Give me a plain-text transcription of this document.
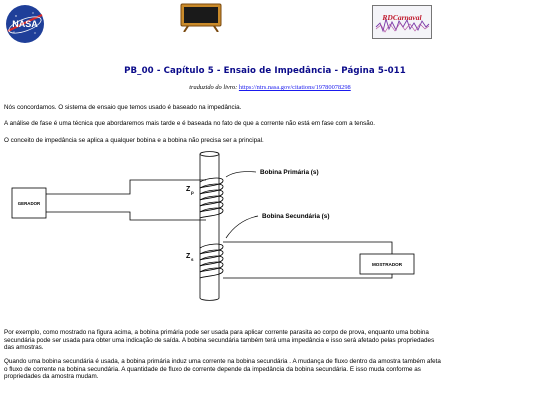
NASA
RDCarnaval
PB_00 - Capítulo 5 - Ensaio de Impedância - Página 5-011
traduzido do livro: https://ntrs.nasa.gov/citations/19780078298
Nós concordamos. O sistema de ensaio que temos usado é baseado na impedância.
A análise de fase é uma técnica que abordaremos mais tarde e é baseada no fato de que a corrente não está em fase com a tensão.
O conceito de impedância se aplica a qualquer bobina e a bobina não precisa ser a principal.
GERADOR
MOSTRADOR
Bobina Primária (s)
Bobina Secundária (s)
Z p
Z s
Por exemplo, como mostrado na figura acima, a bobina primária pode ser usada para aplicar corrente parasita ao corpo de prova, enquanto uma bobina secundária pode ser usada para obter uma indicação de saída. A bobina secundária também terá uma impedância e isso será afetado pelas propriedades das amostras.
Quando uma bobina secundária é usada, a bobina primária induz uma corrente na bobina secundária . A mudança de fluxo dentro da amostra também afeta o fluxo de corrente na bobina secundária. A quantidade de fluxo de corrente depende da impedância da bobina secundária. E isso muda conforme as propriedades da amostra mudam.
